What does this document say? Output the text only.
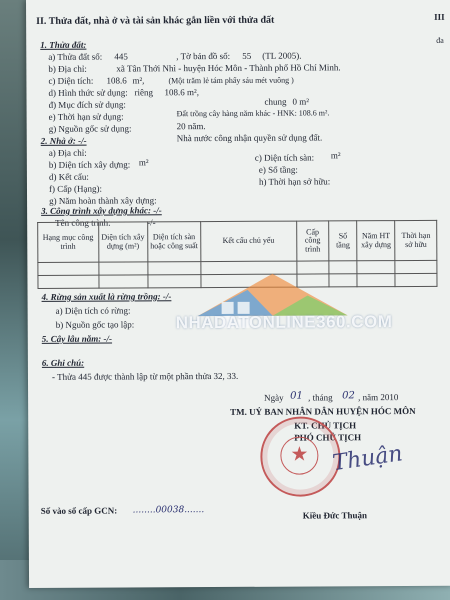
II. Thửa đất, nhà ở và tài sản khác gắn liền với thửa đất	III
đa
1. Thửa đất:
a) Thửa đất số: 445	, Tờ bản đồ số: 55 (TL 2005).
b) Địa chỉ:	xã Tân Thới Nhì - huyện Hóc Môn - Thành phố Hồ Chí Minh.
c) Diện tích: 108.6 m²,	(Một trăm lẻ tám phẩy sáu mét vuông )
d) Hình thức sử dụng: riêng 108.6 m²,
chung 0 m²
đ) Mục đích sử dụng:
Đất trồng cây hàng năm khác - HNK: 108.6 m².
e) Thời hạn sử dụng:
20 năm.
g) Nguồn gốc sử dụng:
Nhà nước công nhận quyền sử dụng đất.
2. Nhà ở: -/-
a) Địa chỉ:
b) Diện tích xây dựng: m²	c) Diện tích sàn: m²
d) Kết cấu:
e) Số tầng:
f) Cấp (Hạng):
g) Năm hoàn thành xây dựng:
h) Thời hạn sở hữu:
3. Công trình xây dựng khác: -/-
Tên công trình:	-/-
Hạng mục công trình	Diện tích xây dựng (m²)	Diện tích sàn hoặc công suất	Kết cấu chủ yếu	Cấp công trình	Số tầng	Năm HT xây dựng	Thời hạn sở hữu

NHADATONLINE360.COM
4. Rừng sản xuất là rừng trồng: -/-
a) Diện tích có rừng:
b) Nguồn gốc tạo lập:
5. Cây lâu năm: -/-
6. Ghi chú:
- Thửa 445 được thành lập từ một phần thửa 32, 33.
Ngày 01 , tháng 02 , năm 2010
TM. UỶ BAN NHÂN DÂN HUYỆN HÓC MÔN
KT. CHỦ TỊCH
PHÓ CHỦ TỊCH
★	Thuận
Kiều Đức Thuận
Số vào sổ cấp GCN: ........00038.......
